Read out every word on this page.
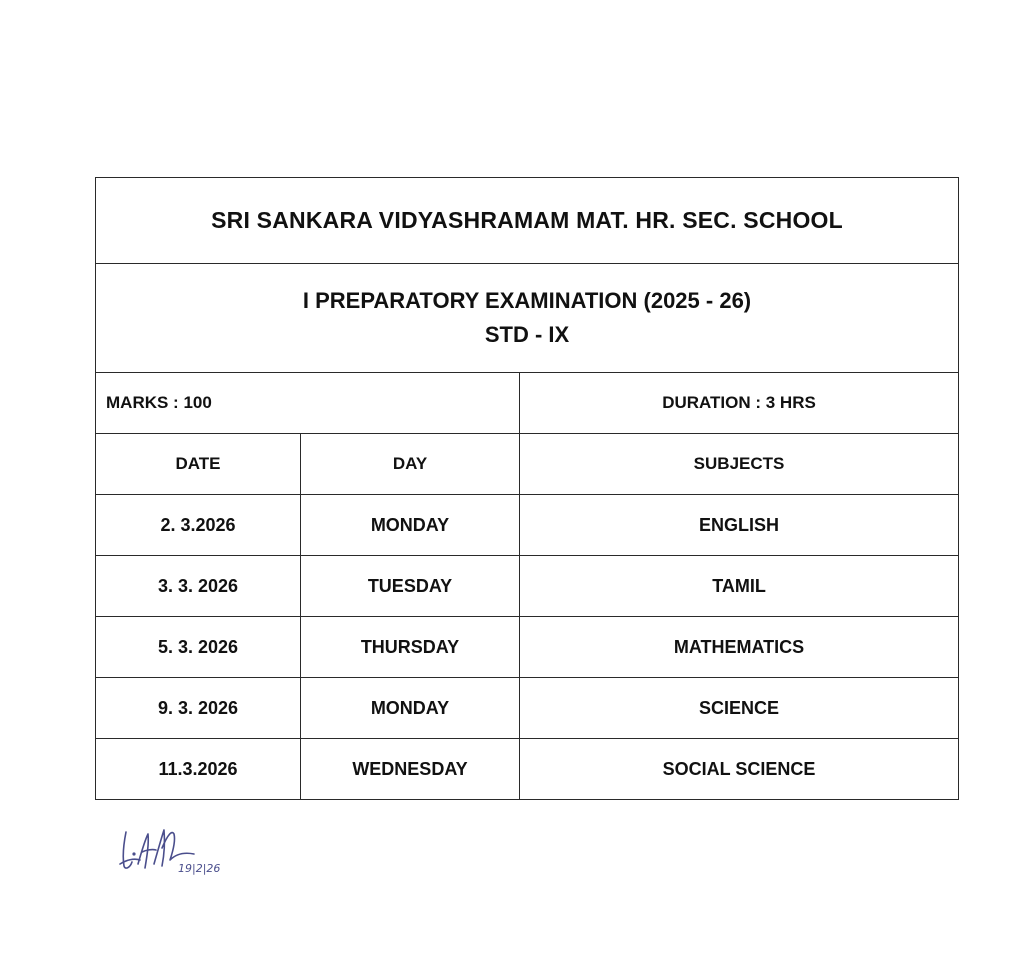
SRI SANKARA VIDYASHRAMAM MAT. HR. SEC. SCHOOL		

I PREPARATORY EXAMINATION (2025 - 26)
STD - IX		

MARKS : 100		DURATION : 3 HRS
DATE	DAY	SUBJECTS
2. 3.2026	MONDAY	ENGLISH
3. 3. 2026	TUESDAY	TAMIL
5. 3. 2026	THURSDAY	MATHEMATICS
9. 3. 2026	MONDAY	SCIENCE
11.3.2026	WEDNESDAY	SOCIAL SCIENCE
19|2|26
